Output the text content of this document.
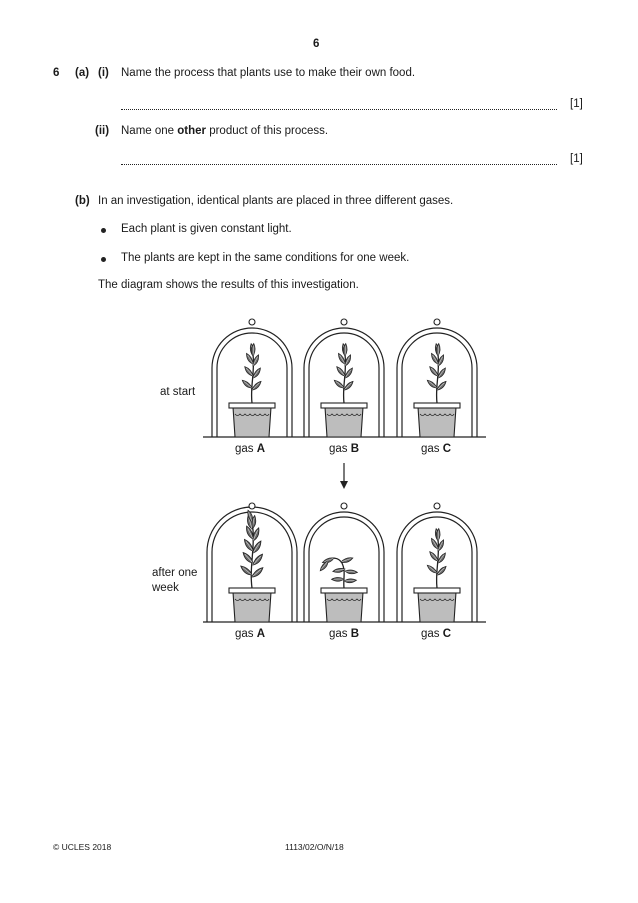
6
6 (a) (i) Name the process that plants use to make their own food.
[1]
(ii) Name one other product of this process.
[1]
(b) In an investigation, identical plants are placed in three different gases.
Each plant is given constant light.
The plants are kept in the same conditions for one week.
The diagram shows the results of this investigation.
at start
after one
week
gas A	gas B	gas C
gas A	gas B	gas C
© UCLES 2018	1113/02/O/N/18
